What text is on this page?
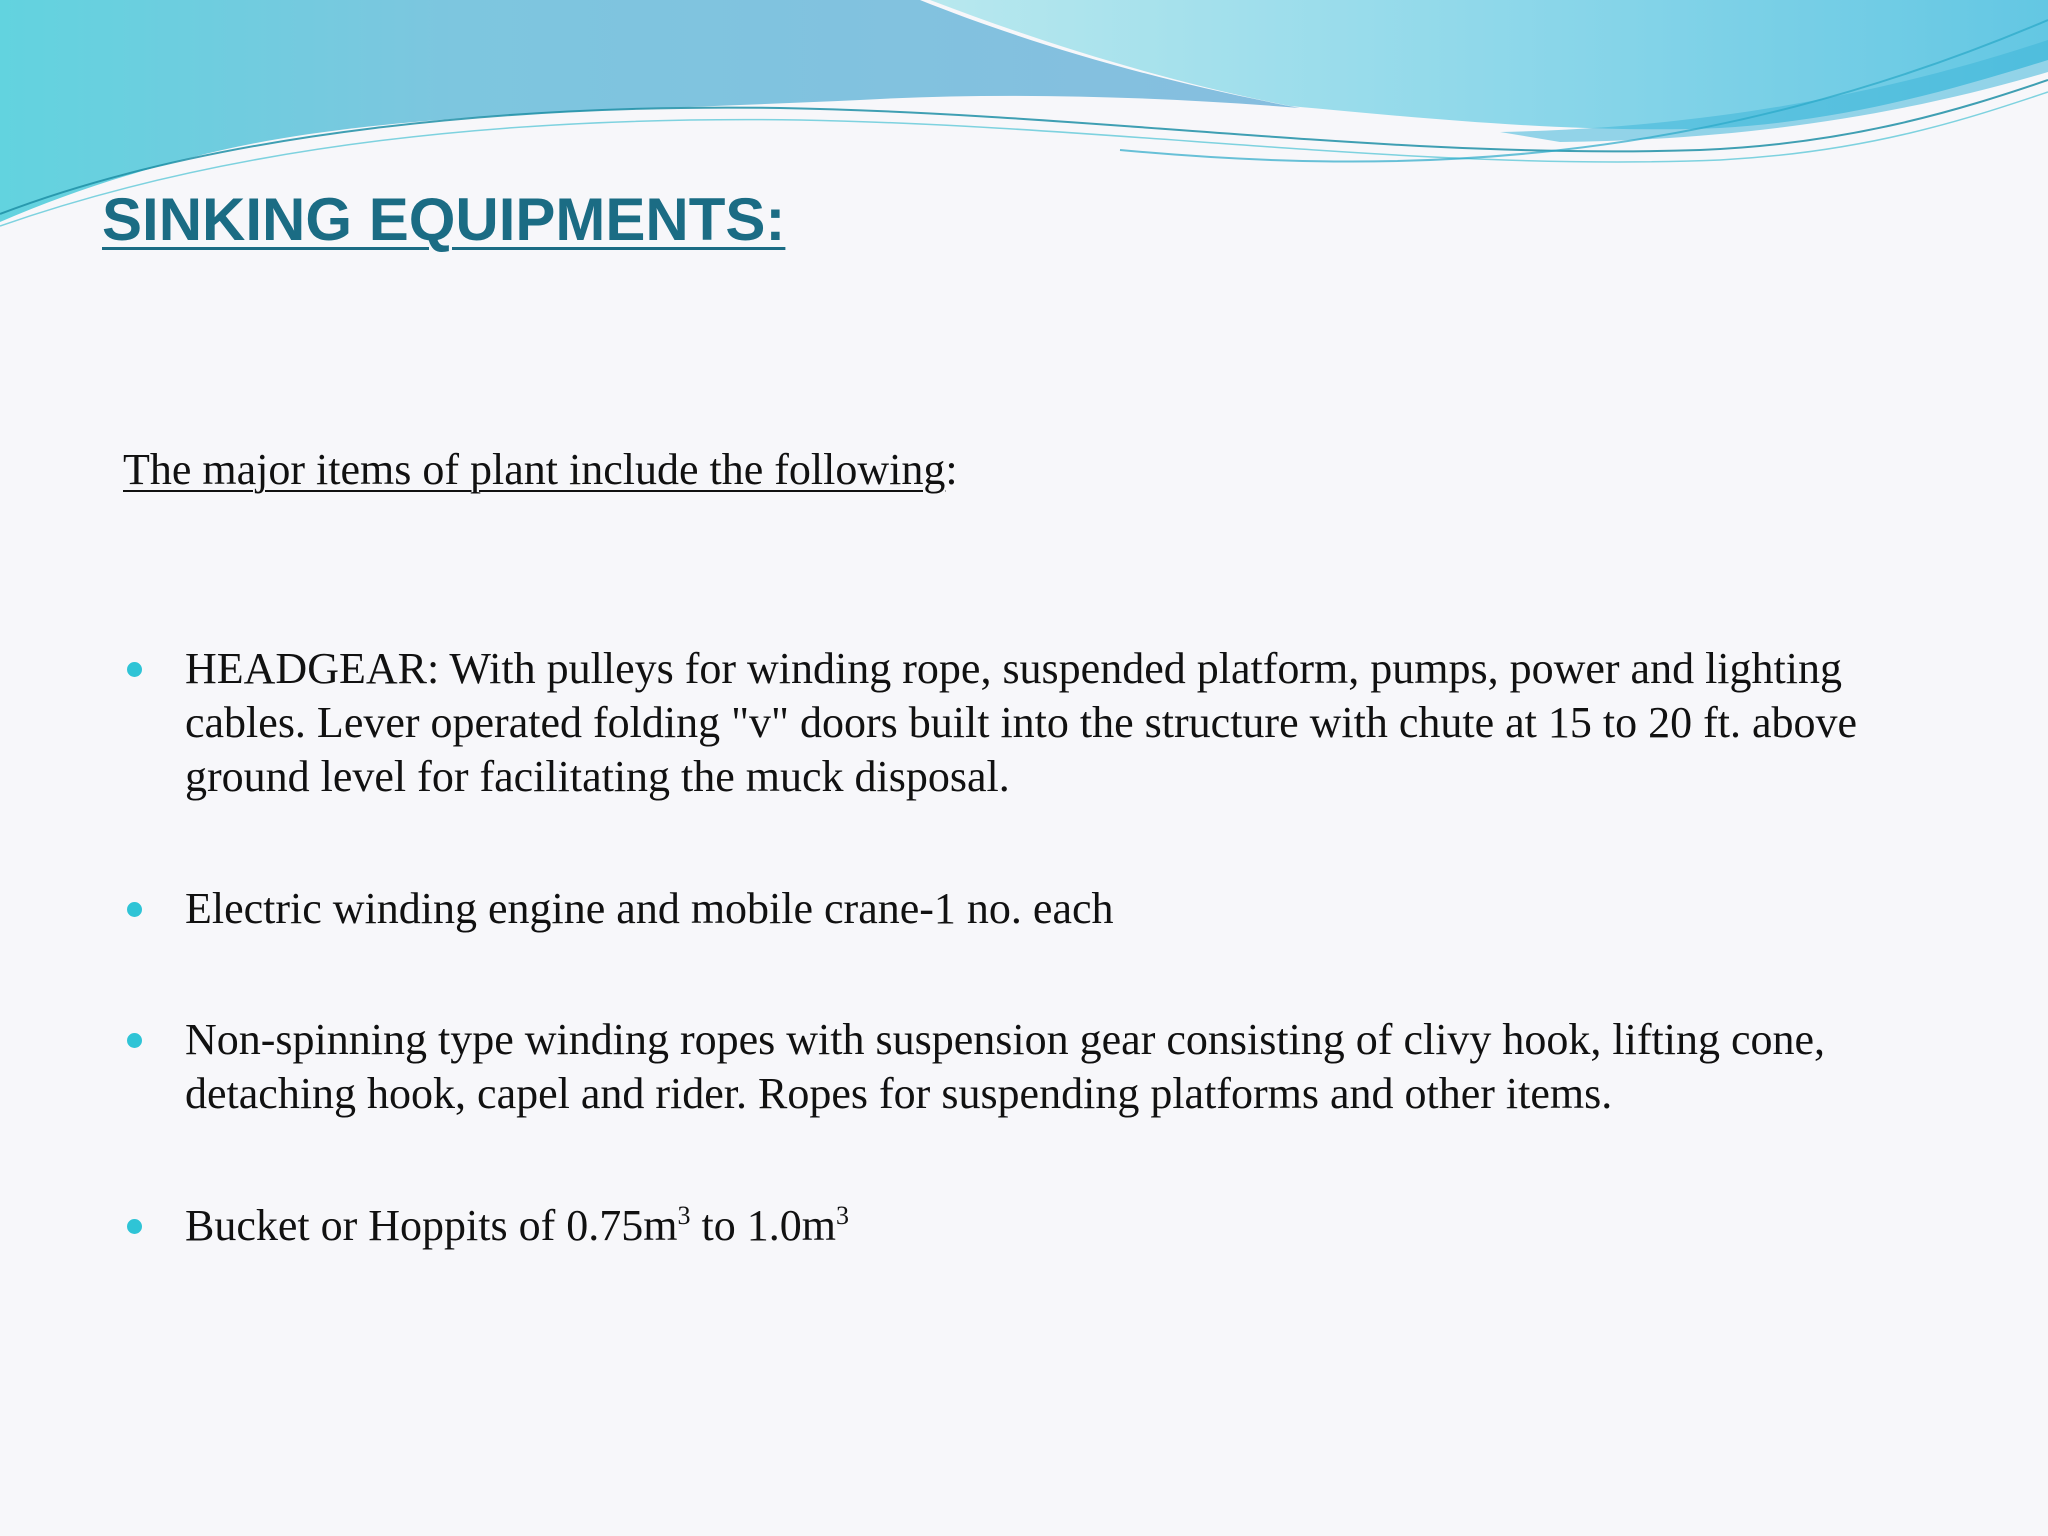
SINKING EQUIPMENTS:

The major items of plant include the following:

HEADGEAR: With pulleys for winding rope, suspended platform, pumps, power and lighting cables. Lever operated folding "v" doors built into the structure with chute at 15 to 20 ft. above ground level for facilitating the muck disposal.
Electric winding engine and mobile crane-1 no. each
Non-spinning type winding ropes with suspension gear consisting of clivy hook, lifting cone, detaching hook, capel and rider. Ropes for suspending platforms and other items.
Bucket or Hoppits of $0.75m^3$ to $1.0m^3$
